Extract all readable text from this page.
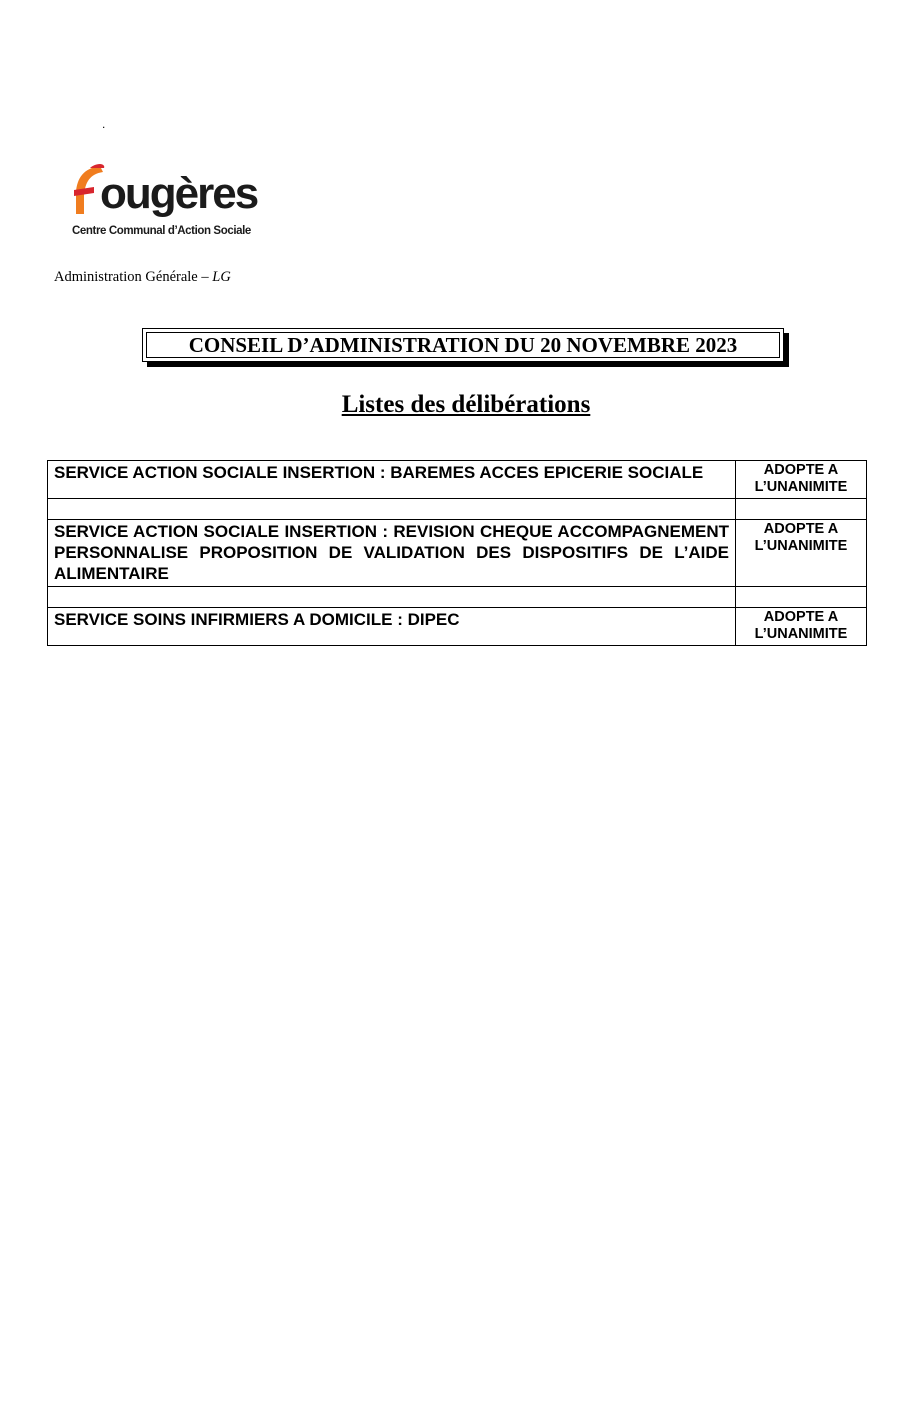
.
ougères
Centre Communal d’Action Sociale
Administration Générale – LG
CONSEIL D’ADMINISTRATION DU 20 NOVEMBRE 2023
Listes des délibérations
SERVICE ACTION SOCIALE INSERTION : BAREMES ACCES EPICERIE SOCIALE	ADOPTE A
L’UNANIMITE

SERVICE ACTION SOCIALE INSERTION : REVISION CHEQUE ACCOMPAGNEMENT PERSONNALISE PROPOSITION DE VALIDATION DES DISPOSITIFS DE L’AIDE ALIMENTAIRE	ADOPTE A
L’UNANIMITE

SERVICE SOINS INFIRMIERS A DOMICILE : DIPEC	ADOPTE A
L’UNANIMITE
